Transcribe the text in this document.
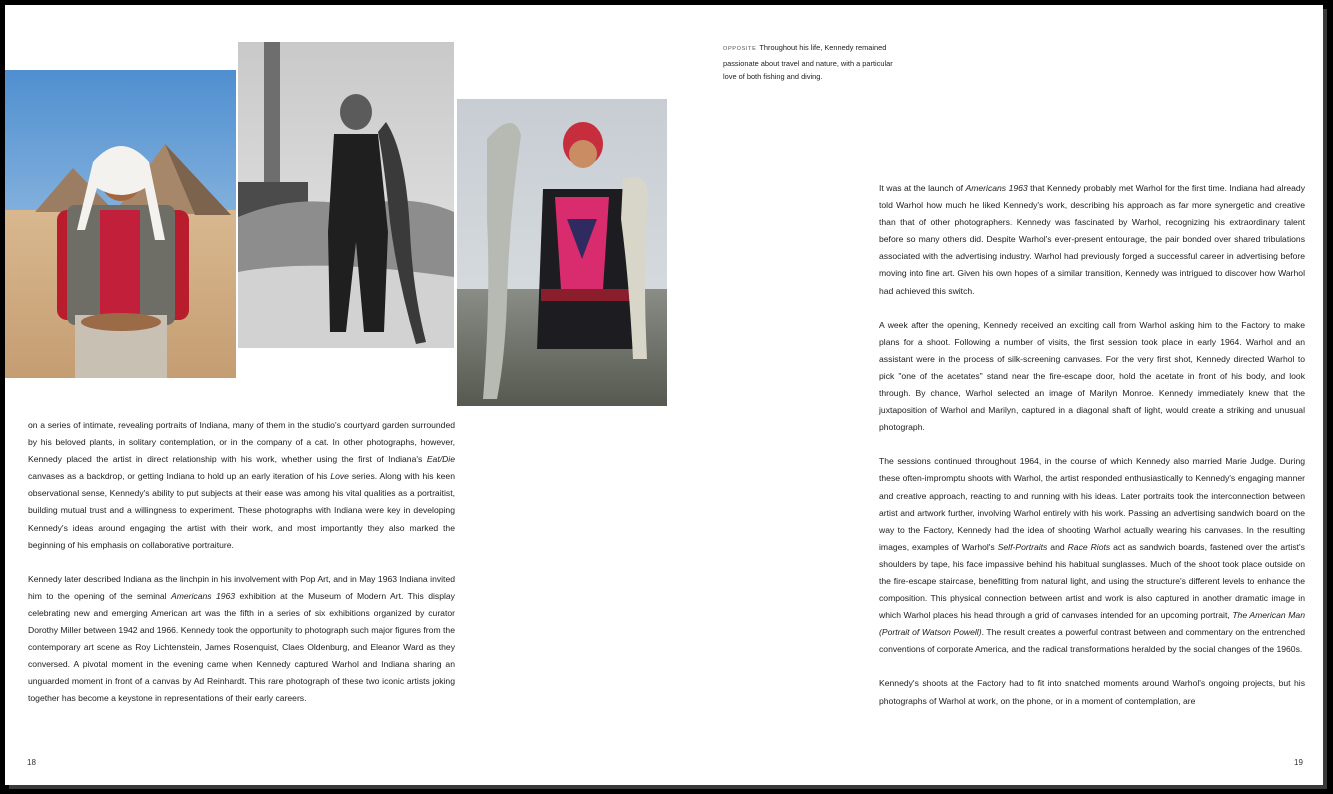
OPPOSITE Throughout his life, Kennedy remained passionate about travel and nature, with a particular love of both fishing and diving.

on a series of intimate, revealing portraits of Indiana, many of them in the studio's courtyard garden surrounded by his beloved plants, in solitary contemplation, or in the company of a cat. In other photographs, however, Kennedy placed the artist in direct relationship with his work, whether using the first of Indiana's Eat/Die canvases as a backdrop, or getting Indiana to hold up an early iteration of his Love series. Along with his keen observational sense, Kennedy's ability to put subjects at their ease was among his vital qualities as a portraitist, building mutual trust and a willingness to experiment. These photographs with Indiana were key in developing Kennedy's ideas around engaging the artist with their work, and most importantly they also marked the beginning of his emphasis on collaborative portraiture.

Kennedy later described Indiana as the linchpin in his involvement with Pop Art, and in May 1963 Indiana invited him to the opening of the seminal Americans 1963 exhibition at the Museum of Modern Art. This display celebrating new and emerging American art was the fifth in a series of six exhibitions organized by curator Dorothy Miller between 1942 and 1966. Kennedy took the opportunity to photograph such major figures from the contemporary art scene as Roy Lichtenstein, James Rosenquist, Claes Oldenburg, and Eleanor Ward as they conversed. A pivotal moment in the evening came when Kennedy captured Warhol and Indiana sharing an unguarded moment in front of a canvas by Ad Reinhardt. This rare photograph of these two iconic artists joking together has become a keystone in representations of their early careers.

It was at the launch of Americans 1963 that Kennedy probably met Warhol for the first time. Indiana had already told Warhol how much he liked Kennedy's work, describing his approach as far more synergetic and creative than that of other photographers. Kennedy was fascinated by Warhol, recognizing his extraordinary talent before so many others did. Despite Warhol's ever-present entourage, the pair bonded over shared tribulations associated with the advertising industry. Warhol had previously forged a successful career in advertising before moving into fine art. Given his own hopes of a similar transition, Kennedy was intrigued to discover how Warhol had achieved this switch.

A week after the opening, Kennedy received an exciting call from Warhol asking him to the Factory to make plans for a shoot. Following a number of visits, the first session took place in early 1964. Warhol and an assistant were in the process of silk-screening canvases. For the very first shot, Kennedy directed Warhol to pick "one of the acetates" stand near the fire-escape door, hold the acetate in front of his body, and look through. By chance, Warhol selected an image of Marilyn Monroe. Kennedy immediately knew that the juxtaposition of Warhol and Marilyn, captured in a diagonal shaft of light, would create a striking and unusual photograph.

The sessions continued throughout 1964, in the course of which Kennedy also married Marie Judge. During these often-impromptu shoots with Warhol, the artist responded enthusiastically to Kennedy's engaging manner and creative approach, reacting to and running with his ideas. Later portraits took the interconnection between artist and artwork further, involving Warhol entirely with his work. Passing an advertising sandwich board on the way to the Factory, Kennedy had the idea of shooting Warhol actually wearing his canvases. In the resulting images, examples of Warhol's Self-Portraits and Race Riots act as sandwich boards, fastened over the artist's shoulders by tape, his face impassive behind his habitual sunglasses. Much of the shoot took place outside on the fire-escape staircase, benefitting from natural light, and using the structure's different levels to enhance the composition. This physical connection between artist and work is also captured in another dramatic image in which Warhol places his head through a grid of canvases intended for an upcoming portrait, The American Man (Portrait of Watson Powell). The result creates a powerful contrast between and commentary on the entrenched conventions of corporate America, and the radical transformations heralded by the social changes of the 1960s.

Kennedy's shoots at the Factory had to fit into snatched moments around Warhol's ongoing projects, but his photographs of Warhol at work, on the phone, or in a moment of contemplation, are

18	19
